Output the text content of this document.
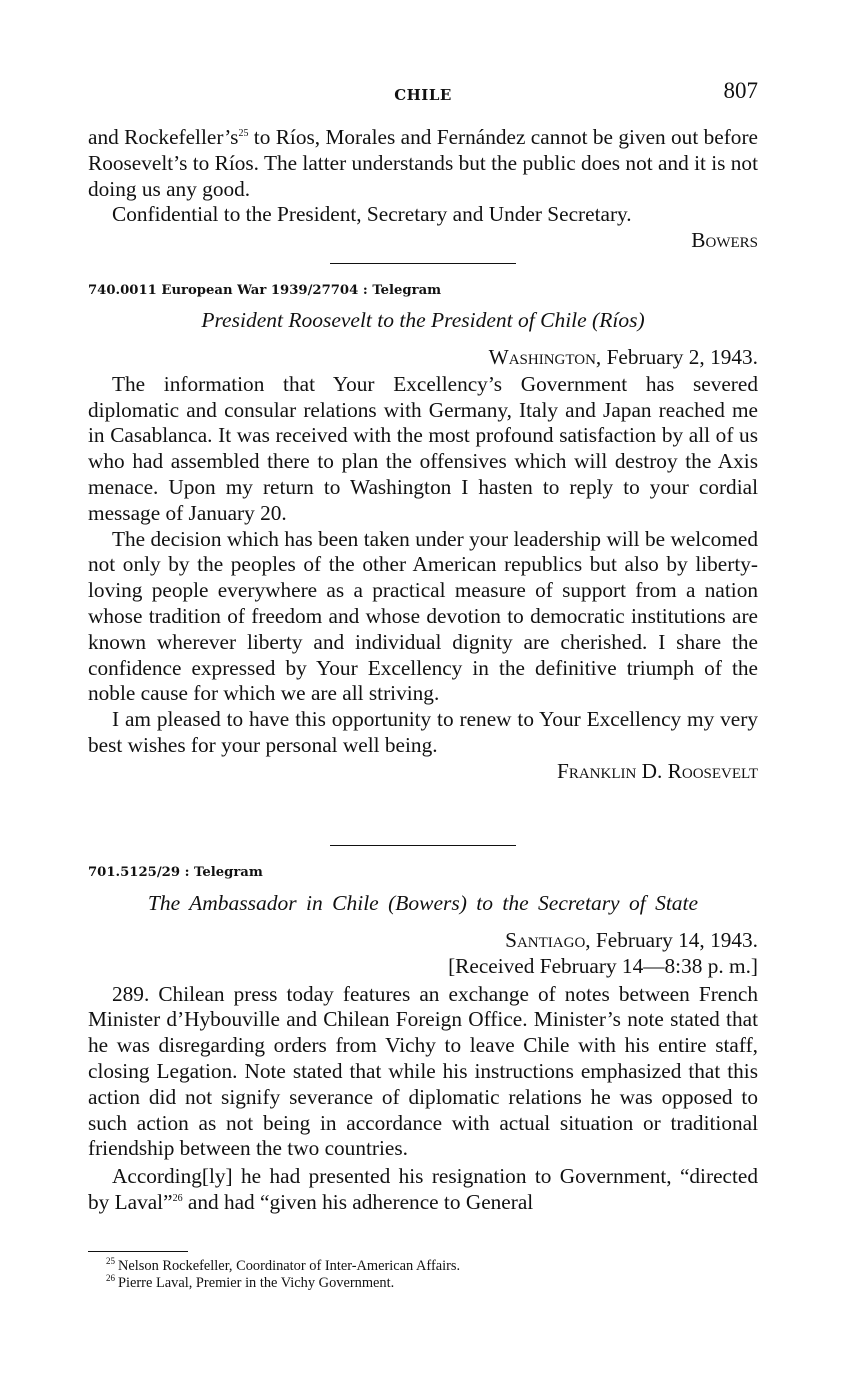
CHILE	807

and $Rockefeller’s^{25}$ to Ríos, Morales and Fernández cannot be given out before Roosevelt’s to Ríos. The latter understands but the public does not and it is not doing us any good.

Confidential to the President, Secretary and Under Secretary.

Bowers

740.0011 European War 1939/27704 : Telegram

President Roosevelt to the President of Chile (Ríos)

Washington, February 2, 1943.

The information that Your Excellency’s Government has severed diplomatic and consular relations with Germany, Italy and Japan reached me in Casablanca. It was received with the most profound satisfaction by all of us who had assembled there to plan the offensives which will destroy the Axis menace. Upon my return to Washington I hasten to reply to your cordial message of January 20.

The decision which has been taken under your leadership will be welcomed not only by the peoples of the other American republics but also by liberty-loving people everywhere as a practical measure of support from a nation whose tradition of freedom and whose devotion to democratic institutions are known wherever liberty and individual dignity are cherished. I share the confidence expressed by Your Excellency in the definitive triumph of the noble cause for which we are all striving.

I am pleased to have this opportunity to renew to Your Excellency my very best wishes for your personal well being.

Franklin D. Roosevelt

701.5125/29 : Telegram

The Ambassador in Chile (Bowers) to the Secretary of State

Santiago, February 14, 1943.

[Received February 14—8:38 p. m.]

289. Chilean press today features an exchange of notes between French Minister d’Hybouville and Chilean Foreign Office. Minister’s note stated that he was disregarding orders from Vichy to leave Chile with his entire staff, closing Legation. Note stated that while his instructions emphasized that this action did not signify severance of diplomatic relations he was opposed to such action as not being in accordance with actual situation or traditional friendship between the two countries.

According[ly] he had presented his resignation to Government, “directed by Laval”$^{26}$ and had “given his adherence to General

$^{25}$ Nelson Rockefeller, Coordinator of Inter-American Affairs.

$^{26}$ Pierre Laval, Premier in the Vichy Government.
